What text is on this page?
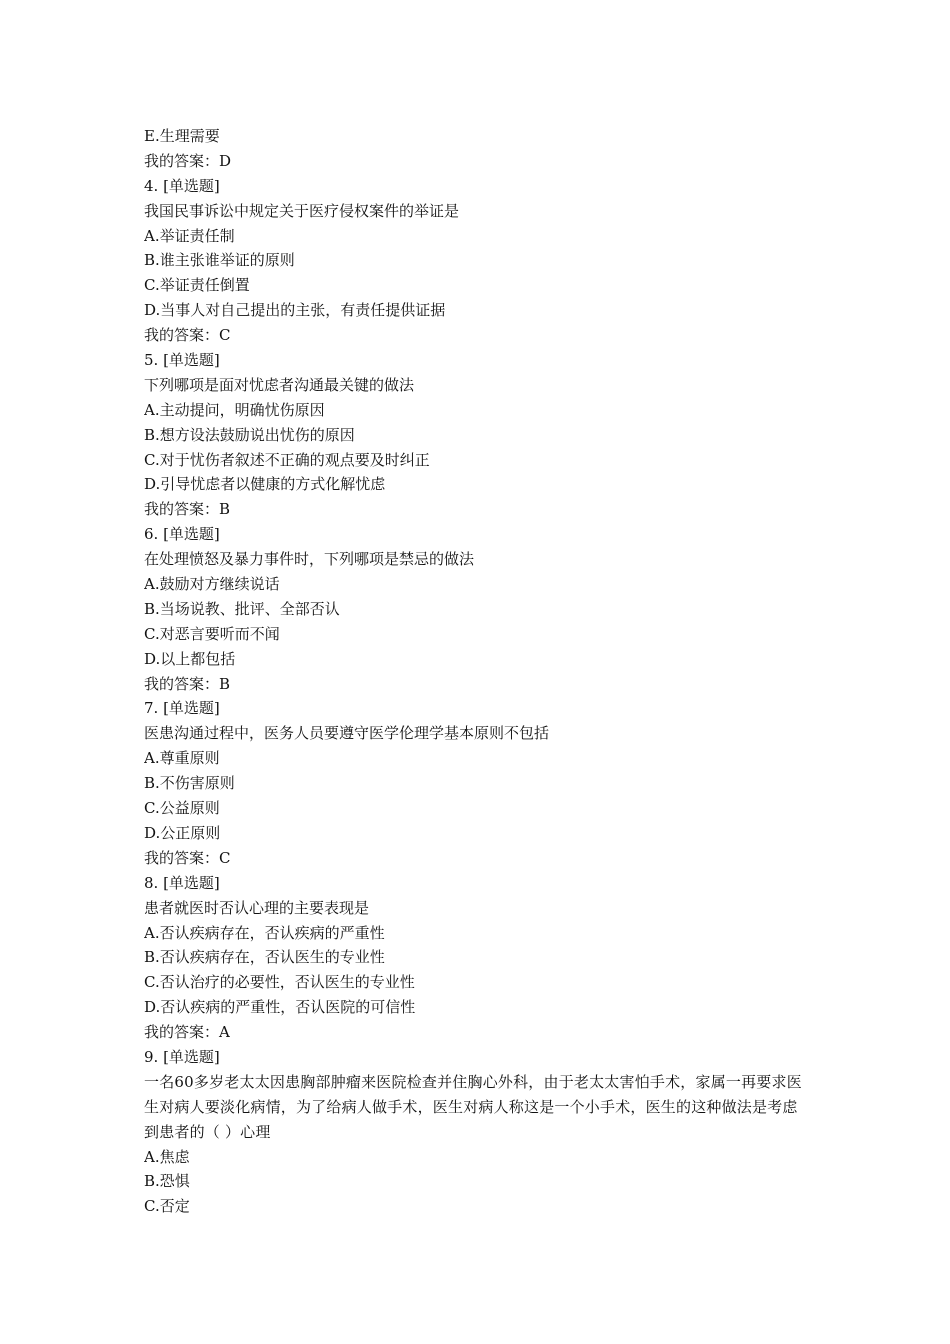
E.生理需要
我的答案：D
4. [单选题]
我国民事诉讼中规定关于医疗侵权案件的举证是
A.举证责任制
B.谁主张谁举证的原则
C.举证责任倒置
D.当事人对自己提出的主张，有责任提供证据
我的答案：C
5. [单选题]
下列哪项是面对忧虑者沟通最关键的做法
A.主动提问，明确忧伤原因
B.想方设法鼓励说出忧伤的原因
C.对于忧伤者叙述不正确的观点要及时纠正
D.引导忧虑者以健康的方式化解忧虑
我的答案：B
6. [单选题]
在处理愤怒及暴力事件时，下列哪项是禁忌的做法
A.鼓励对方继续说话
B.当场说教、批评、全部否认
C.对恶言要听而不闻
D.以上都包括
我的答案：B
7. [单选题]
医患沟通过程中，医务人员要遵守医学伦理学基本原则不包括
A.尊重原则
B.不伤害原则
C.公益原则
D.公正原则
我的答案：C
8. [单选题]
患者就医时否认心理的主要表现是
A.否认疾病存在，否认疾病的严重性
B.否认疾病存在，否认医生的专业性
C.否认治疗的必要性，否认医生的专业性
D.否认疾病的严重性，否认医院的可信性
我的答案：A
9. [单选题]
一名60多岁老太太因患胸部肿瘤来医院检查并住胸心外科，由于老太太害怕手术，家属一再要求医生对病人要淡化病情，为了给病人做手术，医生对病人称这是一个小手术，医生的这种做法是考虑到患者的（ ）心理
A.焦虑
B.恐惧
C.否定
